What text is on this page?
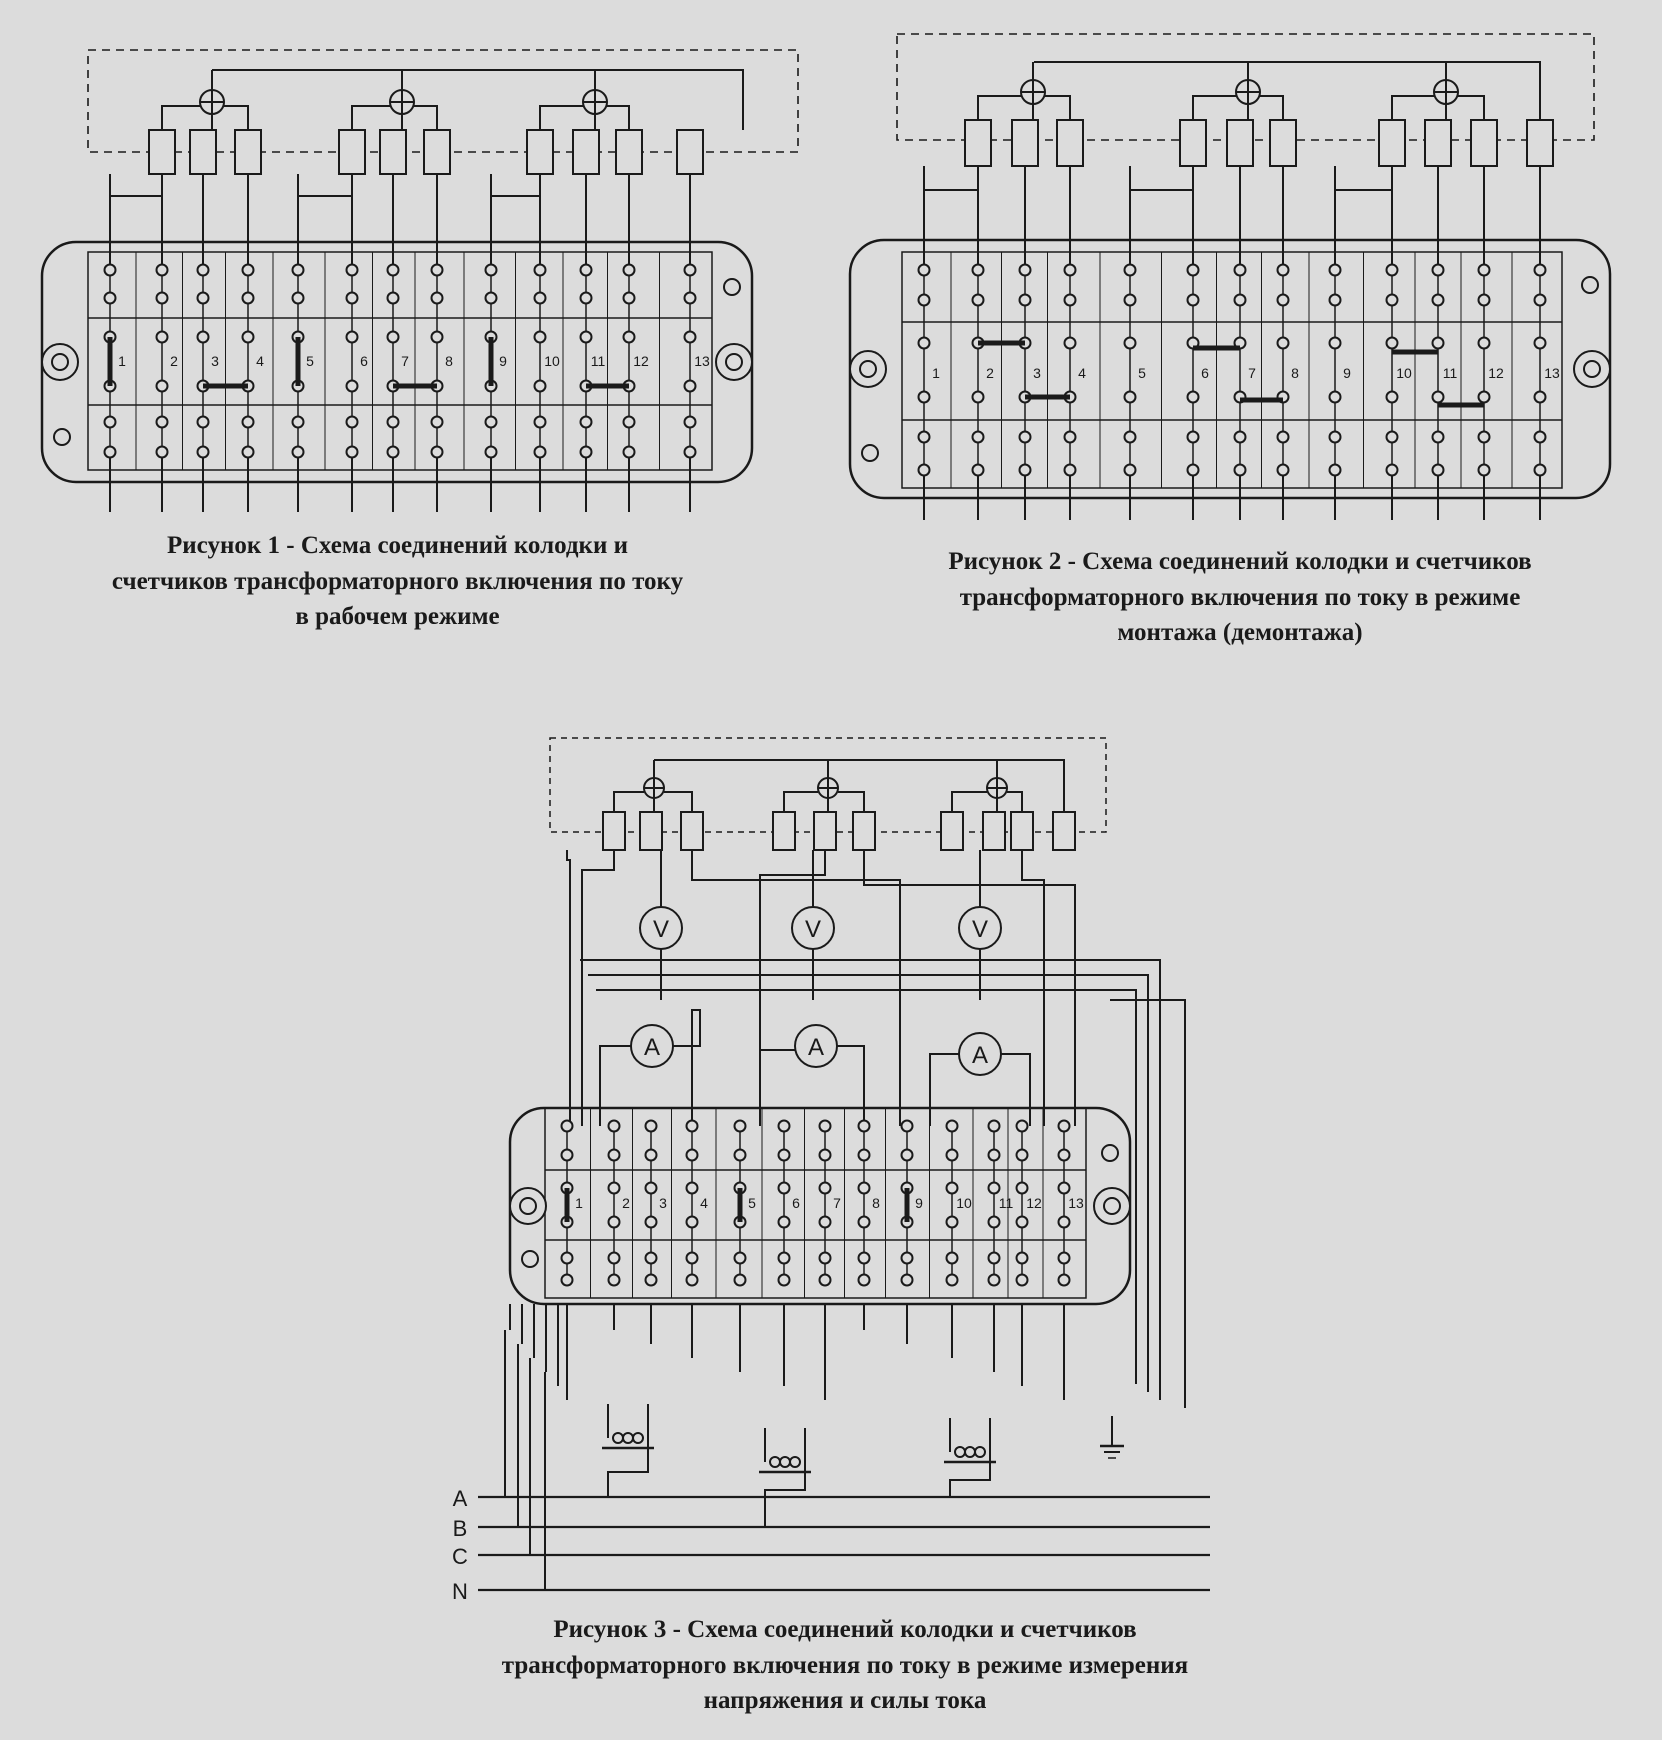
1	2 3	4	5	6 7	8	9	10 11 12	13
1	2	3	4	5	6	7	8	9	10 11 12	13
V	V	V
A	A	A
1	2 3 4	5	6 7 8	9 10 11 12 13
A
B
C
N
Рисунок 1 - Схема соединений колодки и
счетчиков трансформаторного включения по току
в рабочем режиме
Рисунок 2 - Схема соединений колодки и счетчиков
трансформаторного включения по току в режиме
монтажа (демонтажа)
Рисунок 3 - Схема соединений колодки и счетчиков
трансформаторного включения по току в режиме измерения
напряжения и силы тока
